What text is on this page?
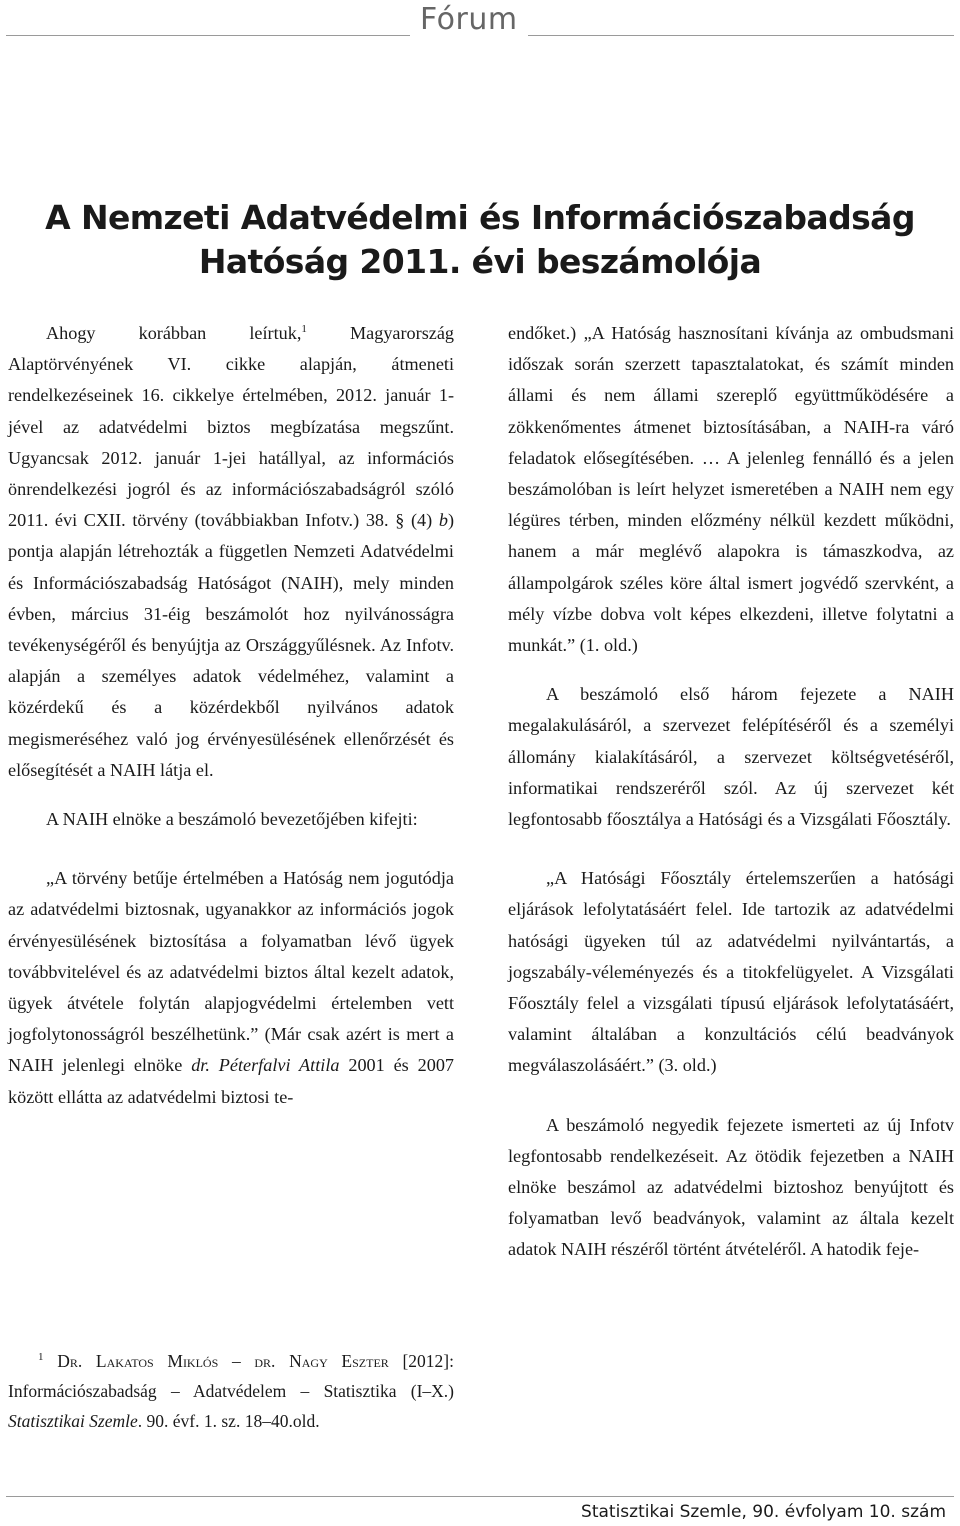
Fórum
A Nemzeti Adatvédelmi és Információszabadság
Hatóság 2011. évi beszámolója

Ahogy korábban leírtuk,$^1$ Magyarország Alaptörvényének VI. cikke alapján, átmeneti rendelkezéseinek 16. cikkelye értelmében, 2012. január 1-jével az adatvédelmi biztos megbízatása megszűnt. Ugyancsak 2012. január 1-jei hatállyal, az információs önrendelkezési jogról és az információszabadságról szóló 2011. évi CXII. törvény (továbbiakban Infotv.) 38. § (4) b) pontja alapján létrehozták a független Nemzeti Adatvédelmi és Információszabadság Hatóságot (NAIH), mely minden évben, március 31-éig beszámolót hoz nyilvánosságra tevékenységéről és benyújtja az Országgyűlésnek. Az Infotv. alapján a személyes adatok védelméhez, valamint a közérdekű és a közérdekből nyilvános adatok megismeréséhez való jog érvényesülésének ellenőrzését és elősegítését a NAIH látja el.

A NAIH elnöke a beszámoló bevezetőjében kifejti:

„A törvény betűje értelmében a Hatóság nem jogutódja az adatvédelmi biztosnak, ugyanakkor az információs jogok érvényesülésének biztosítása a folyamatban lévő ügyek továbbvitelével és az adatvédelmi biztos által kezelt adatok, ügyek átvétele folytán alapjogvédelmi értelemben vett jogfolytonosságról beszélhetünk.” (Már csak azért is mert a NAIH jelenlegi elnöke dr. Péterfalvi Attila 2001 és 2007 között ellátta az adatvédelmi biztosi te-

$^1$ Dr. Lakatos Miklós – dr. Nagy Eszter [2012]: Információszabadság – Adatvédelem – Statisztika (I–X.) Statisztikai Szemle. 90. évf. 1. sz. 18–40.old.

endőket.) „A Hatóság hasznosítani kívánja az ombudsmani időszak során szerzett tapasztalatokat, és számít minden állami és nem állami szereplő együttműködésére a zökkenőmentes átmenet biztosításában, a NAIH-ra váró feladatok elősegítésében. … A jelenleg fennálló és a jelen beszámolóban is leírt helyzet ismeretében a NAIH nem egy légüres térben, minden előzmény nélkül kezdett működni, hanem a már meglévő alapokra is támaszkodva, az állampolgárok széles köre által ismert jogvédő szervként, a mély vízbe dobva volt képes elkezdeni, illetve folytatni a munkát.” (1. old.)

A beszámoló első három fejezete a NAIH megalakulásáról, a szervezet felépítéséről és a személyi állomány kialakításáról, a szervezet költségvetéséről, informatikai rendszeréről szól. Az új szervezet két legfontosabb főosztálya a Hatósági és a Vizsgálati Főosztály.

„A Hatósági Főosztály értelemszerűen a hatósági eljárások lefolytatásáért felel. Ide tartozik az adatvédelmi hatósági ügyeken túl az adatvédelmi nyilvántartás, a jogszabály-véleményezés és a titokfelügyelet. A Vizsgálati Főosztály felel a vizsgálati típusú eljárások lefolytatásáért, valamint általában a konzultációs célú beadványok megválaszolásáért.” (3. old.)

A beszámoló negyedik fejezete ismerteti az új Infotv legfontosabb rendelkezéseit. Az ötödik fejezetben a NAIH elnöke beszámol az adatvédelmi biztoshoz benyújtott és folyamatban levő beadványok, valamint az általa kezelt adatok NAIH részéről történt átvételéről. A hatodik feje-

Statisztikai Szemle, 90. évfolyam 10. szám
